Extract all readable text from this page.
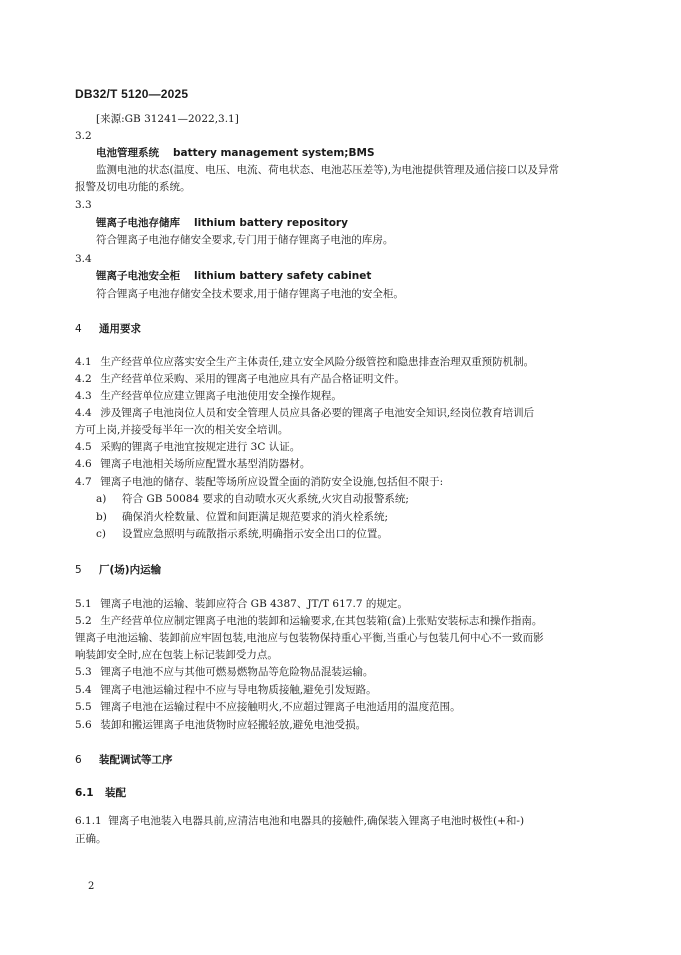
DB32/T 5120—2025
[来源:GB 31241—2022,3.1]
3.2
电池管理系统 battery management system;BMS
监测电池的状态(温度、电压、电流、荷电状态、电池芯压差等),为电池提供管理及通信接口以及异常
报警及切电功能的系统。
3.3
锂离子电池存储库 lithium battery repository
符合锂离子电池存储安全要求,专门用于储存锂离子电池的库房。
3.4
锂离子电池安全柜 lithium battery safety cabinet
符合锂离子电池存储安全技术要求,用于储存锂离子电池的安全柜。
4 通用要求
4.1 生产经营单位应落实安全生产主体责任,建立安全风险分级管控和隐患排查治理双重预防机制。
4.2 生产经营单位采购、采用的锂离子电池应具有产品合格证明文件。
4.3 生产经营单位应建立锂离子电池使用安全操作规程。
4.4 涉及锂离子电池岗位人员和安全管理人员应具备必要的锂离子电池安全知识,经岗位教育培训后
方可上岗,并接受每半年一次的相关安全培训。
4.5 采购的锂离子电池宜按规定进行 3C 认证。
4.6 锂离子电池相关场所应配置水基型消防器材。
4.7 锂离子电池的储存、装配等场所应设置全面的消防安全设施,包括但不限于:
a) 符合 GB 50084 要求的自动喷水灭火系统,火灾自动报警系统;
b) 确保消火栓数量、位置和间距满足规范要求的消火栓系统;
c) 设置应急照明与疏散指示系统,明确指示安全出口的位置。
5 厂(场)内运输
5.1 锂离子电池的运输、装卸应符合 GB 4387、JT/T 617.7 的规定。
5.2 生产经营单位应制定锂离子电池的装卸和运输要求,在其包装箱(盒)上张贴安装标志和操作指南。
锂离子电池运输、装卸前应牢固包装,电池应与包装物保持重心平衡,当重心与包装几何中心不一致而影
响装卸安全时,应在包装上标记装卸受力点。
5.3 锂离子电池不应与其他可燃易燃物品等危险物品混装运输。
5.4 锂离子电池运输过程中不应与导电物质接触,避免引发短路。
5.5 锂离子电池在运输过程中不应接触明火,不应超过锂离子电池适用的温度范围。
5.6 装卸和搬运锂离子电池货物时应轻搬轻放,避免电池受损。
6 装配调试等工序
6.1 装配
6.1.1 锂离子电池装入电器具前,应清洁电池和电器具的接触件,确保装入锂离子电池时极性(+和-)
正确。
2
